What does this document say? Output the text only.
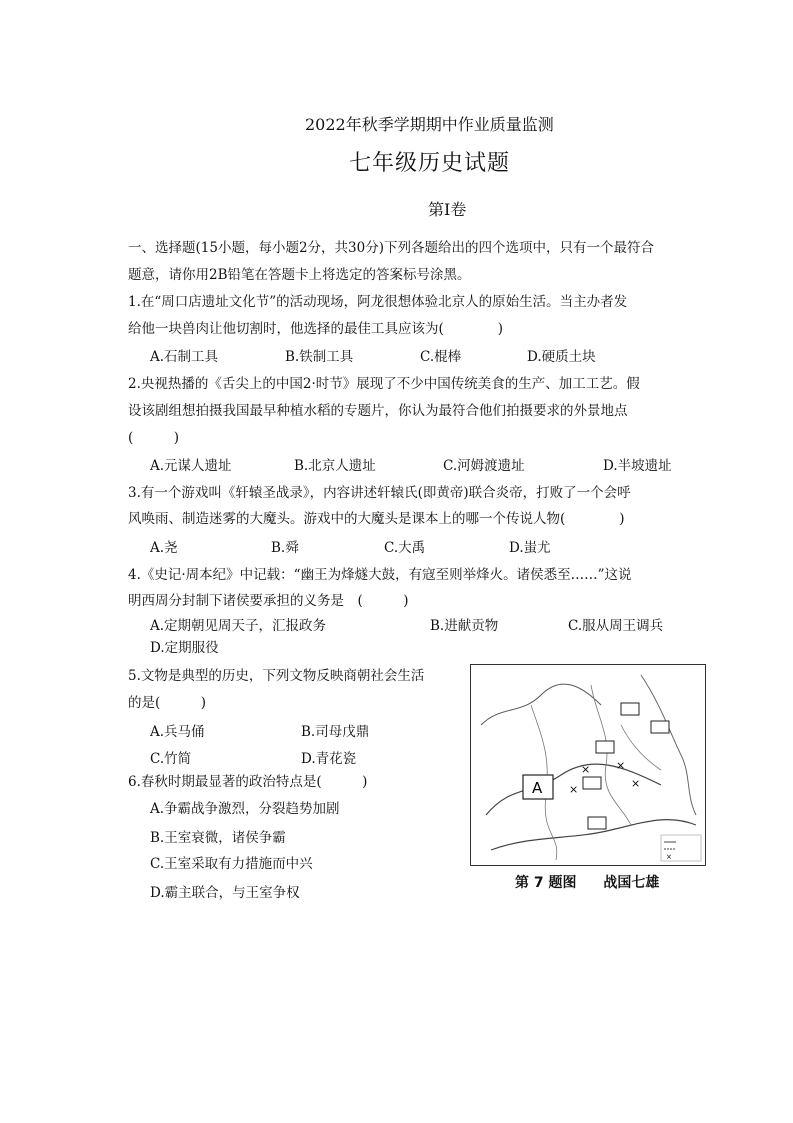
2022年秋季学期期中作业质量监测
七年级历史试题
第Ⅰ卷
一、选择题(15小题，每小题2分，共30分)下列各题给出的四个选项中，只有一个最符合
题意，请你用2B铅笔在答题卡上将选定的答案标号涂黑。
1.在“周口店遗址文化节”的活动现场，阿龙很想体验北京人的原始生活。当主办者发
给他一块兽肉让他切割时，他选择的最佳工具应该为(　　　　)
A.石制工具	B.铁制工具	C.棍棒	D.硬质土块
2.央视热播的《舌尖上的中国2·时节》展现了不少中国传统美食的生产、加工工艺。假
设该剧组想拍摄我国最早种植水稻的专题片，你认为最符合他们拍摄要求的外景地点
(　　　)
A.元谋人遗址	B.北京人遗址	C.河姆渡遗址	D.半坡遗址
3.有一个游戏叫《轩辕圣战录》，内容讲述轩辕氏(即黄帝)联合炎帝，打败了一个会呼
风唤雨、制造迷雾的大魔头。游戏中的大魔头是课本上的哪一个传说人物(　　　　)
A.尧	B.舜	C.大禹	D.蚩尤
4.《史记·周本纪》中记载：“幽王为烽燧大鼓，有寇至则举烽火。诸侯悉至……”这说
明西周分封制下诸侯要承担的义务是　(　　　)
A.定期朝见周天子，汇报政务	B.进献贡物	C.服从周王调兵
D.定期服役
5.文物是典型的历史，下列文物反映商朝社会生活
的是(　　　)
A.兵马俑	B.司母戊鼎
C.竹简	D.青花瓷
6.春秋时期最显著的政治特点是(　　　)
A.争霸战争激烈，分裂趋势加剧
B.王室衰微，诸侯争霸
C.王室采取有力措施而中兴
D.霸主联合，与王室争权
A
× ×
×
×
×
第 7 题图 战国七雄
